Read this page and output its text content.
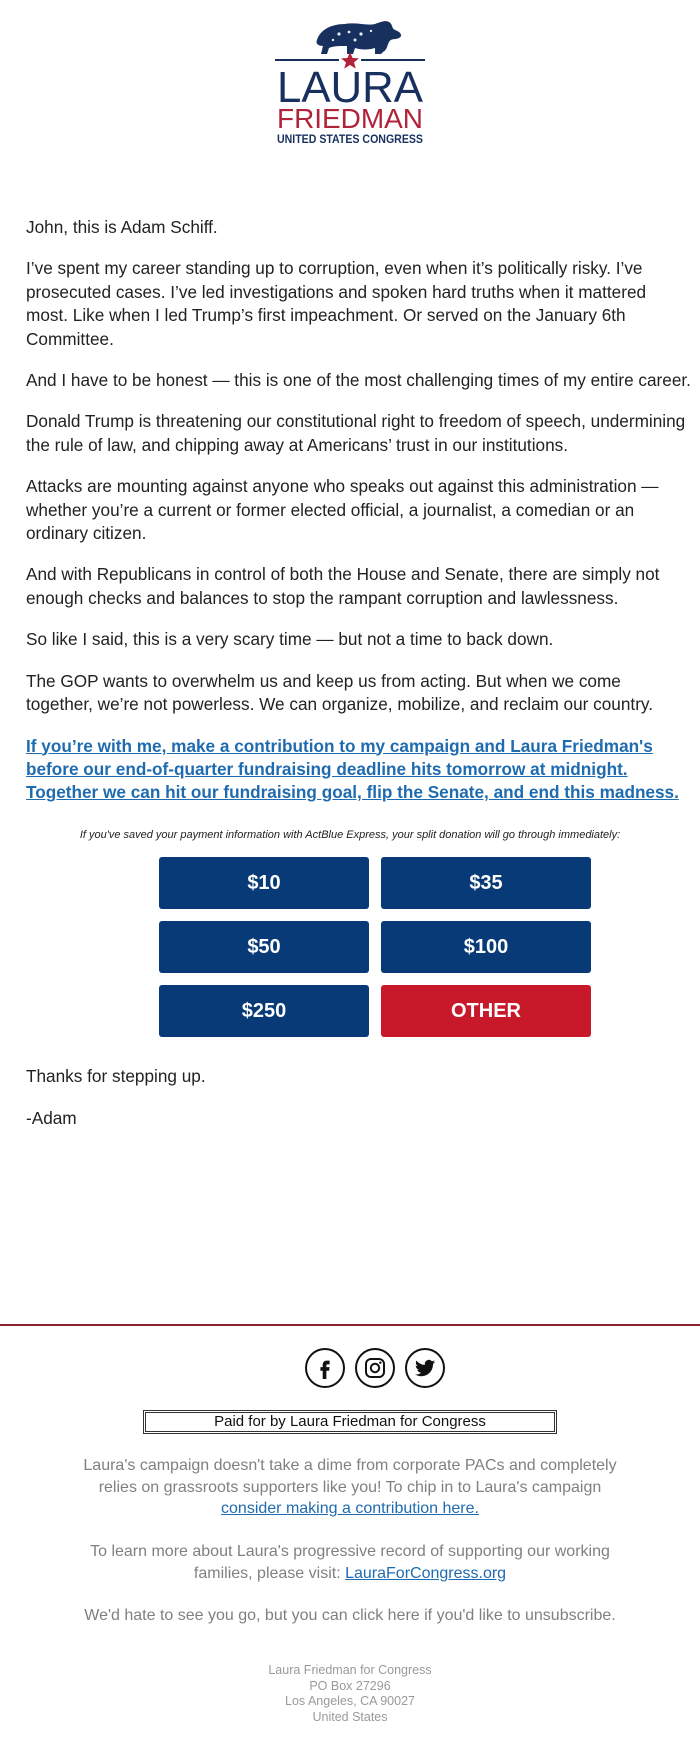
LAURA
FRIEDMAN
UNITED STATES CONGRESS

John, this is Adam Schiff.

I’ve spent my career standing up to corruption, even when it’s politically risky. I’ve prosecuted cases. I’ve led investigations and spoken hard truths when it mattered most. Like when I led Trump’s first impeachment. Or served on the January 6th Committee.

And I have to be honest — this is one of the most challenging times of my entire career.

Donald Trump is threatening our constitutional right to freedom of speech, undermining
the rule of law, and chipping away at Americans’ trust in our institutions.

Attacks are mounting against anyone who speaks out against this administration — whether you’re a current or former elected official, a journalist, a comedian or an ordinary citizen.

And with Republicans in control of both the House and Senate, there are simply not enough checks and balances to stop the rampant corruption and lawlessness.

So like I said, this is a very scary time — but not a time to back down.

The GOP wants to overwhelm us and keep us from acting. But when we come together, we’re not powerless. We can organize, mobilize, and reclaim our country.

If you’re with me, make a contribution to my campaign and Laura Friedman's
before our end-of-quarter fundraising deadline hits tomorrow at midnight.
Together we can hit our fundraising goal, flip the Senate, and end this madness.
If you've saved your payment information with ActBlue Express, your split donation will go through immediately:
$10	$35
$50	$100
$250	OTHER
Thanks for stepping up.
-Adam
Paid for by Laura Friedman for Congress
Laura's campaign doesn't take a dime from corporate PACs and completely
relies on grassroots supporters like you! To chip in to Laura's campaign
consider making a contribution here.
To learn more about Laura's progressive record of supporting our working
families, please visit: LauraForCongress.org
We'd hate to see you go, but you can click here if you'd like to unsubscribe.
Laura Friedman for Congress
PO Box 27296
Los Angeles, CA 90027
United States
